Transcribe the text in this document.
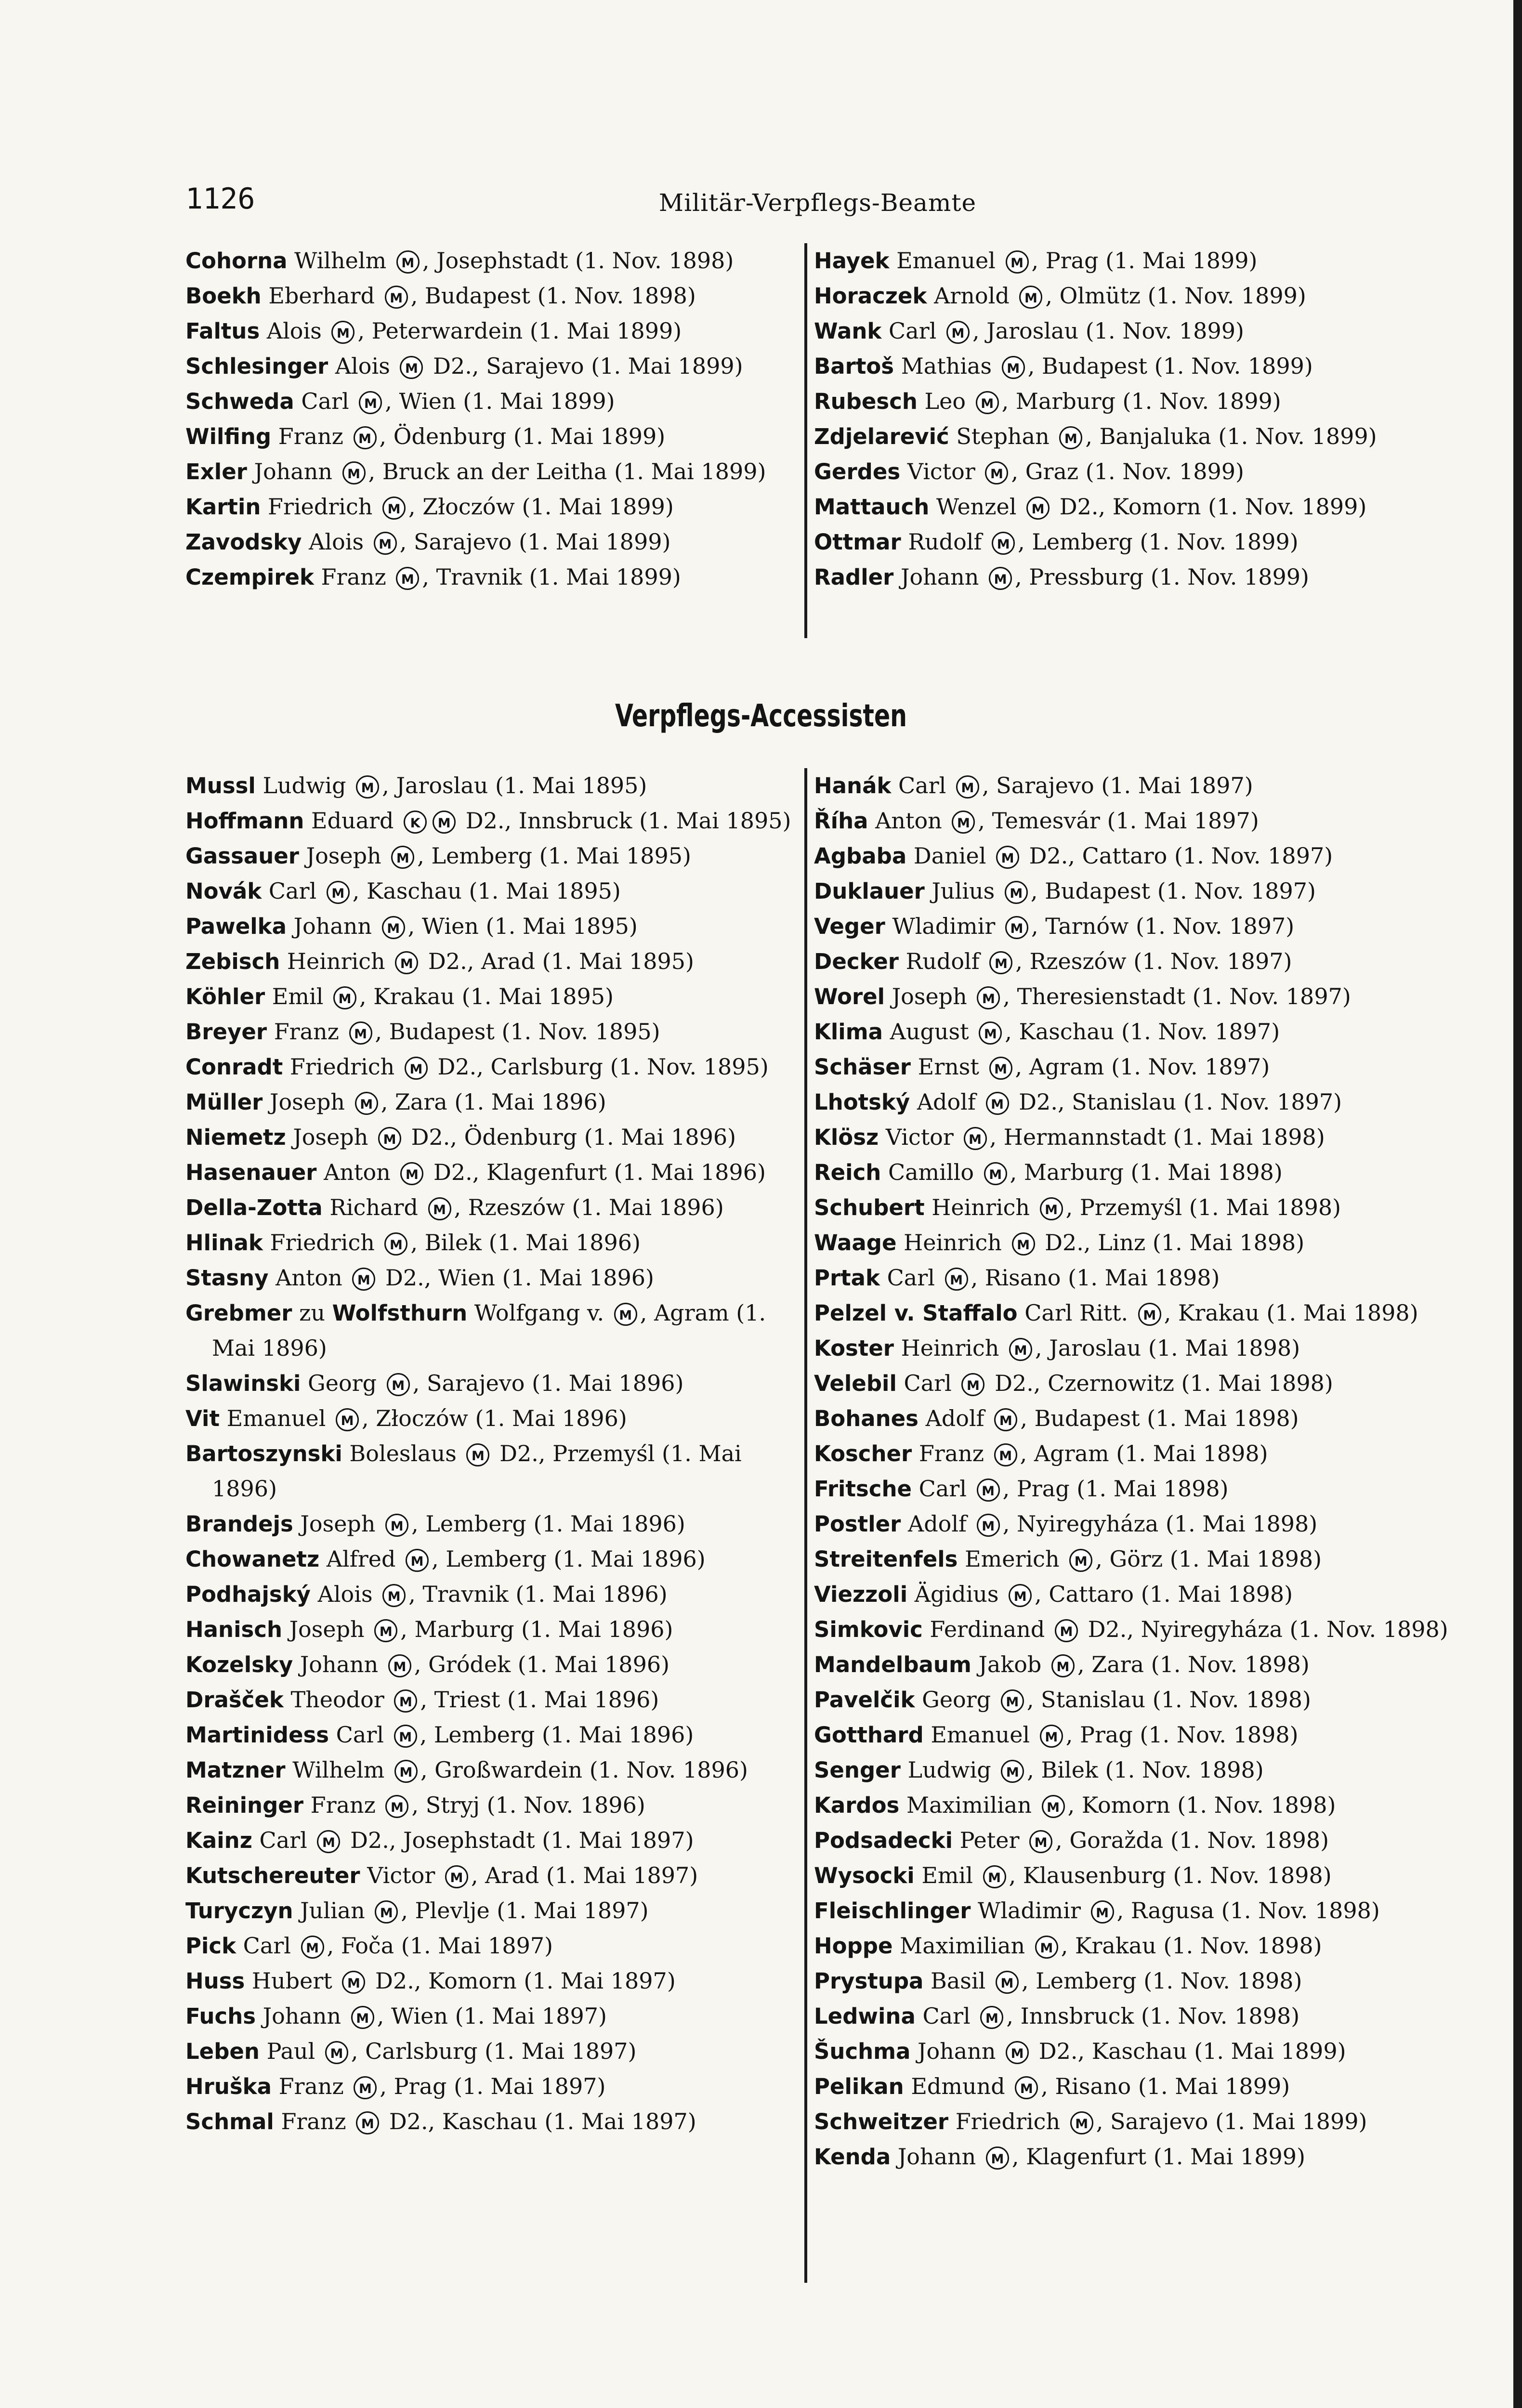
1126	Militär-Verpflegs-Beamte
Cohorna Wilhelm M , Josephstadt (1. Nov. 1898)
Boekh Eberhard M , Budapest (1. Nov. 1898)
Faltus Alois M , Peterwardein (1. Mai 1899)
Schlesinger Alois M D2., Sarajevo (1. Mai 1899)
Schweda Carl M , Wien (1. Mai 1899)
Wilfing Franz M , Ödenburg (1. Mai 1899)
Exler Johann M , Bruck an der Leitha (1. Mai 1899)
Kartin Friedrich M , Złoczów (1. Mai 1899)
Zavodsky Alois M , Sarajevo (1. Mai 1899)
Czempirek Franz M , Travnik (1. Mai 1899)
Hayek Emanuel M , Prag (1. Mai 1899)
Horaczek Arnold M , Olmütz (1. Nov. 1899)
Wank Carl M , Jaroslau (1. Nov. 1899)
Bartoš Mathias M , Budapest (1. Nov. 1899)
Rubesch Leo M , Marburg (1. Nov. 1899)
Zdjelarević Stephan M , Banjaluka (1. Nov. 1899)
Gerdes Victor M , Graz (1. Nov. 1899)
Mattauch Wenzel M D2., Komorn (1. Nov. 1899)
Ottmar Rudolf M , Lemberg (1. Nov. 1899)
Radler Johann M , Pressburg (1. Nov. 1899)
Verpflegs-Accessisten
Mussl Ludwig M , Jaroslau (1. Mai 1895)
Hoffmann Eduard K M D2., Innsbruck (1. Mai 1895)
Gassauer Joseph M , Lemberg (1. Mai 1895)
Novák Carl M , Kaschau (1. Mai 1895)
Pawelka Johann M , Wien (1. Mai 1895)
Zebisch Heinrich M D2., Arad (1. Mai 1895)
Köhler Emil M , Krakau (1. Mai 1895)
Breyer Franz M , Budapest (1. Nov. 1895)
Conradt Friedrich M D2., Carlsburg (1. Nov. 1895)
Müller Joseph M , Zara (1. Mai 1896)
Niemetz Joseph M D2., Ödenburg (1. Mai 1896)
Hasenauer Anton M D2., Klagenfurt (1. Mai 1896)
Della-Zotta Richard M , Rzeszów (1. Mai 1896)
Hlinak Friedrich M , Bilek (1. Mai 1896)
Stasny Anton M D2., Wien (1. Mai 1896)
Grebmer zu Wolfsthurn Wolfgang v. M , Agram (1. Mai 1896)
Slawinski Georg M , Sarajevo (1. Mai 1896)
Vit Emanuel M , Złoczów (1. Mai 1896)
Bartoszynski Boleslaus M D2., Przemyśl (1. Mai 1896)
Brandejs Joseph M , Lemberg (1. Mai 1896)
Chowanetz Alfred M , Lemberg (1. Mai 1896)
Podhajský Alois M , Travnik (1. Mai 1896)
Hanisch Joseph M , Marburg (1. Mai 1896)
Kozelsky Johann M , Gródek (1. Mai 1896)
Drašček Theodor M , Triest (1. Mai 1896)
Martinidess Carl M , Lemberg (1. Mai 1896)
Matzner Wilhelm M , Großwardein (1. Nov. 1896)
Reininger Franz M , Stryj (1. Nov. 1896)
Kainz Carl M D2., Josephstadt (1. Mai 1897)
Kutschereuter Victor M , Arad (1. Mai 1897)
Turyczyn Julian M , Plevlje (1. Mai 1897)
Pick Carl M , Foča (1. Mai 1897)
Huss Hubert M D2., Komorn (1. Mai 1897)
Fuchs Johann M , Wien (1. Mai 1897)
Leben Paul M , Carlsburg (1. Mai 1897)
Hruška Franz M , Prag (1. Mai 1897)
Schmal Franz M D2., Kaschau (1. Mai 1897)
Hanák Carl M , Sarajevo (1. Mai 1897)
Říha Anton M , Temesvár (1. Mai 1897)
Agbaba Daniel M D2., Cattaro (1. Nov. 1897)
Duklauer Julius M , Budapest (1. Nov. 1897)
Veger Wladimir M , Tarnów (1. Nov. 1897)
Decker Rudolf M , Rzeszów (1. Nov. 1897)
Worel Joseph M , Theresienstadt (1. Nov. 1897)
Klima August M , Kaschau (1. Nov. 1897)
Schäser Ernst M , Agram (1. Nov. 1897)
Lhotský Adolf M D2., Stanislau (1. Nov. 1897)
Klösz Victor M , Hermannstadt (1. Mai 1898)
Reich Camillo M , Marburg (1. Mai 1898)
Schubert Heinrich M , Przemyśl (1. Mai 1898)
Waage Heinrich M D2., Linz (1. Mai 1898)
Prtak Carl M , Risano (1. Mai 1898)
Pelzel v. Staffalo Carl Ritt. M , Krakau (1. Mai 1898)
Koster Heinrich M , Jaroslau (1. Mai 1898)
Velebil Carl M D2., Czernowitz (1. Mai 1898)
Bohanes Adolf M , Budapest (1. Mai 1898)
Koscher Franz M , Agram (1. Mai 1898)
Fritsche Carl M , Prag (1. Mai 1898)
Postler Adolf M , Nyiregyháza (1. Mai 1898)
Streitenfels Emerich M , Görz (1. Mai 1898)
Viezzoli Ägidius M , Cattaro (1. Mai 1898)
Simkovic Ferdinand M D2., Nyiregyháza (1. Nov. 1898)
Mandelbaum Jakob M , Zara (1. Nov. 1898)
Pavelčik Georg M , Stanislau (1. Nov. 1898)
Gotthard Emanuel M , Prag (1. Nov. 1898)
Senger Ludwig M , Bilek (1. Nov. 1898)
Kardos Maximilian M , Komorn (1. Nov. 1898)
Podsadecki Peter M , Goražda (1. Nov. 1898)
Wysocki Emil M , Klausenburg (1. Nov. 1898)
Fleischlinger Wladimir M , Ragusa (1. Nov. 1898)
Hoppe Maximilian M , Krakau (1. Nov. 1898)
Prystupa Basil M , Lemberg (1. Nov. 1898)
Ledwina Carl M , Innsbruck (1. Nov. 1898)
Šuchma Johann M D2., Kaschau (1. Mai 1899)
Pelikan Edmund M , Risano (1. Mai 1899)
Schweitzer Friedrich M , Sarajevo (1. Mai 1899)
Kenda Johann M , Klagenfurt (1. Mai 1899)
